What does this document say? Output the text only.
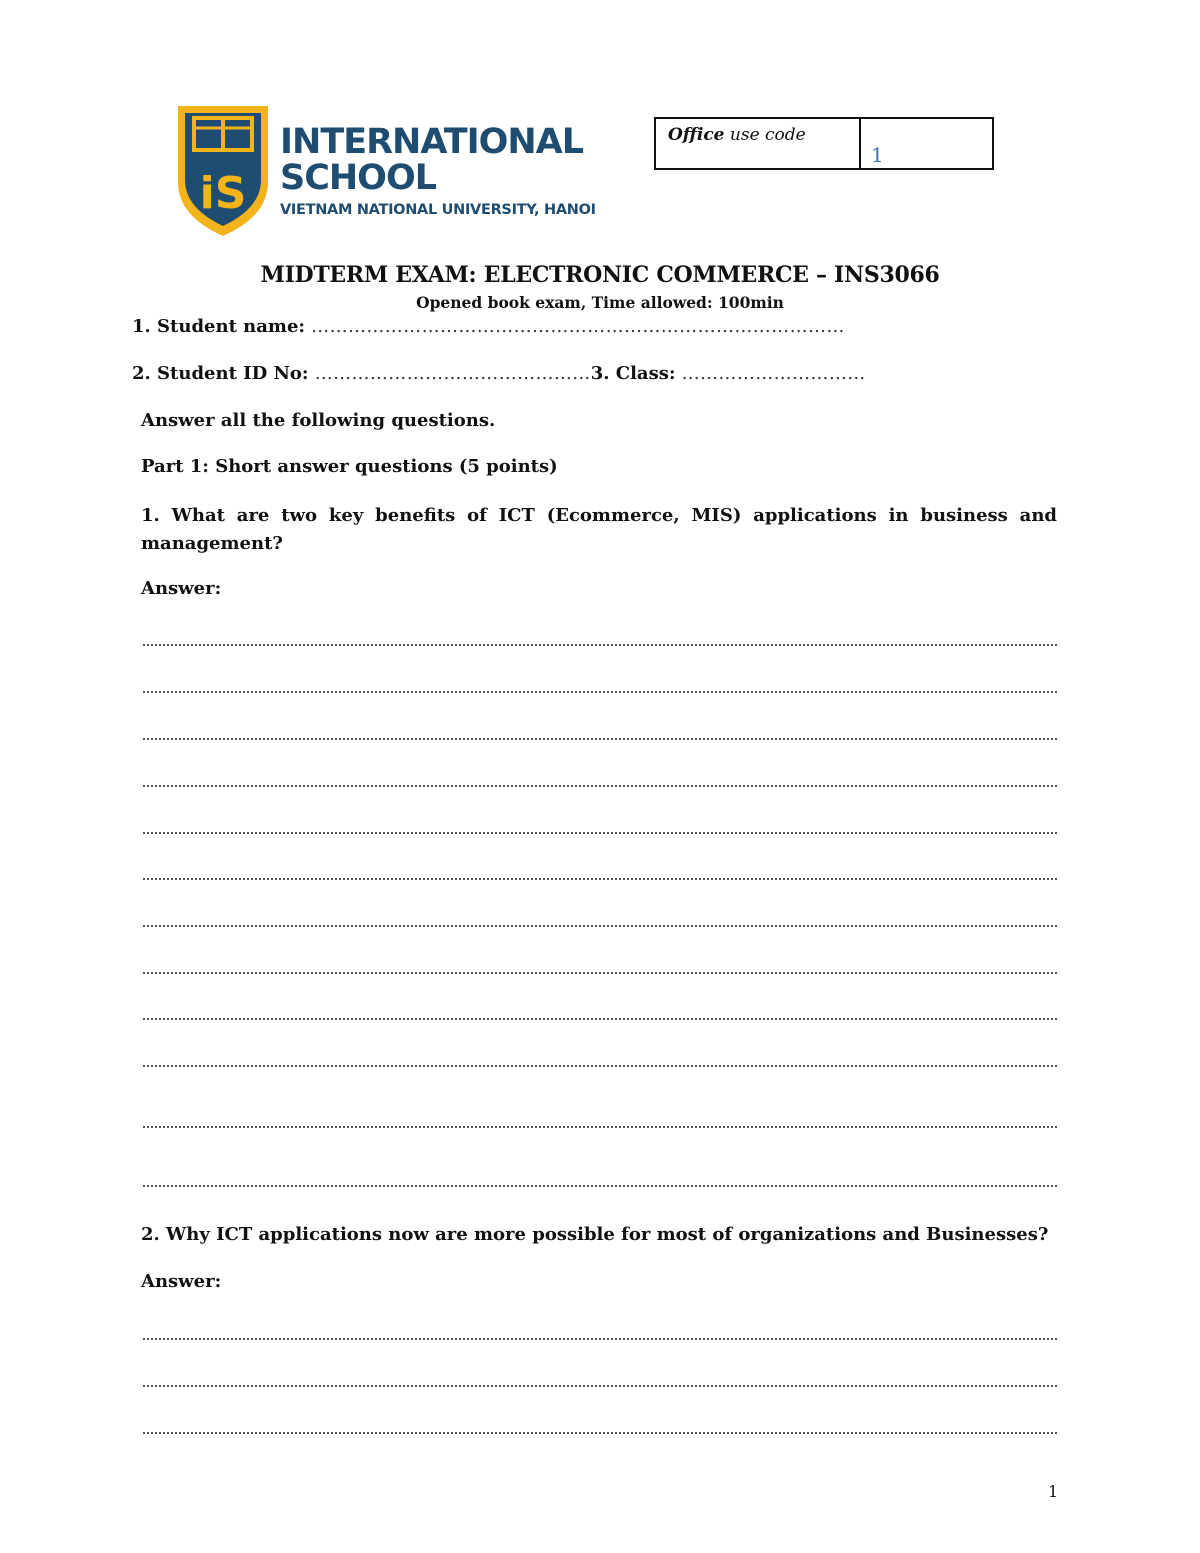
iS
INTERNATIONAL
SCHOOL
VIETNAM NATIONAL UNIVERSITY, HANOI
Office use code
1
MIDTERM EXAM: ELECTRONIC COMMERCE – INS3066
Opened book exam, Time allowed: 100min
1. Student name: ……………………………………………………………………………
2. Student ID No: ………………………………………3. Class: …………………………
Answer all the following questions.
Part 1: Short answer questions (5 points)
1. What are two key benefits of ICT (Ecommerce, MIS) applications in business and management?
Answer:
2. Why ICT applications now are more possible for most of organizations and Businesses?
Answer:
1
